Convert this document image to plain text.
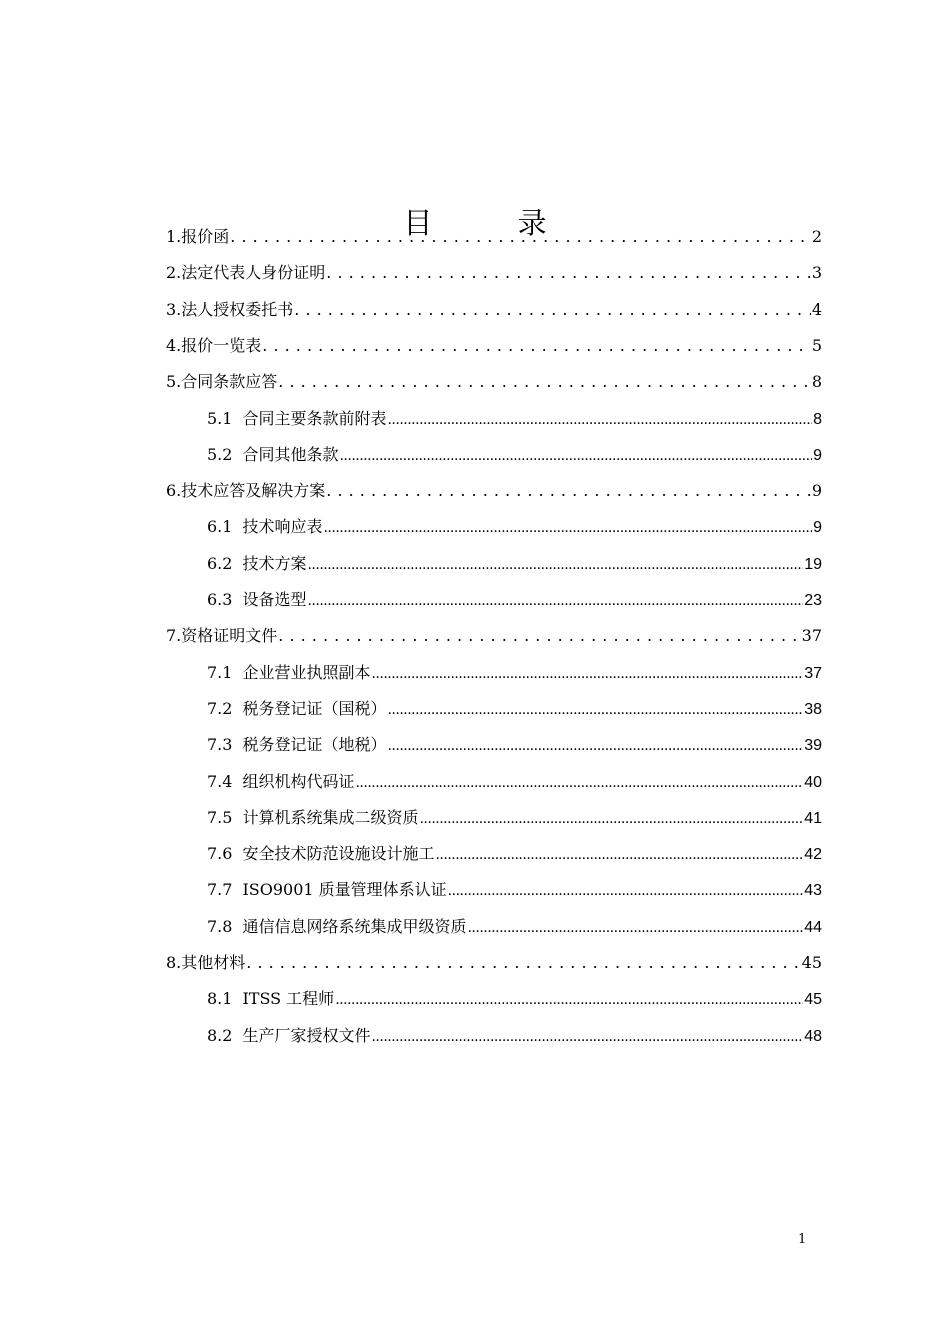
目 录
1. 报价函 . . .	2
2. 法定代表人身份证明 . . .	3
3. 法人授权委托书 . . .	4
4. 报价一览表 . . .	5
5. 合同条款应答 . . .	8
5.1 合同主要条款前附表 .....	8
5.2 合同其他条款 .....	9
6. 技术应答及解决方案 . . .	9
6.1 技术响应表 .....	9
6.2 技术方案 .....	19
6.3 设备选型 .....	23
7. 资格证明文件 . . .	37
7.1 企业营业执照副本 .....	37
7.2 税务登记证（国税） .....	38
7.3 税务登记证（地税） .....	39
7.4 组织机构代码证 .....	40
7.5 计算机系统集成二级资质 .....	41
7.6 安全技术防范设施设计施工 .....	42
7.7 ISO9001 质量管理体系认证 .....	43
7.8 通信信息网络系统集成甲级资质 .....	44
8. 其他材料 . . .	45
8.1 ITSS 工程师 .....	45
8.2 生产厂家授权文件 .....	48
1
